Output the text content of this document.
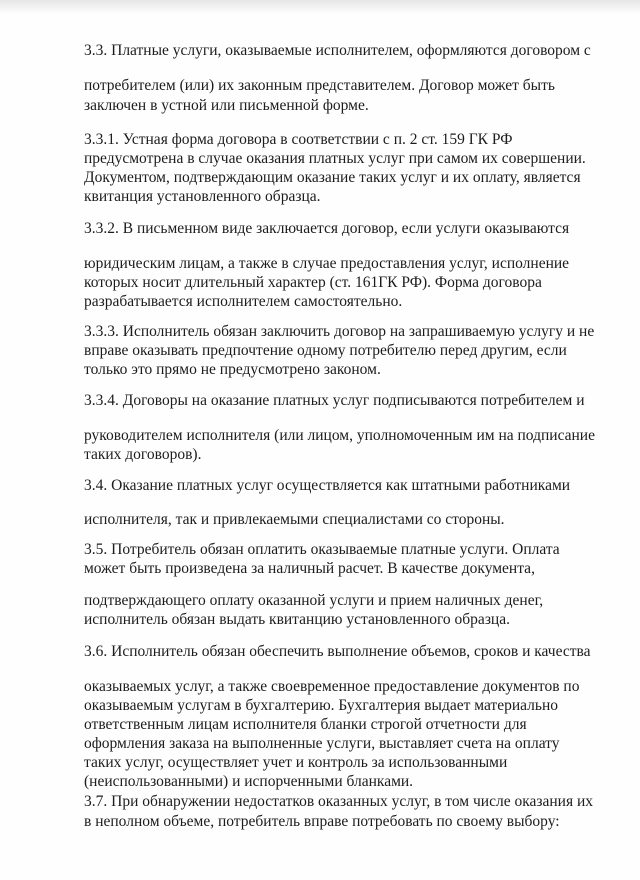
3.3. Платные услуги, оказываемые исполнителем, оформляются договором с
потребителем (или) их законным представителем. Договор может быть
заключен в устной или письменной форме.
3.3.1. Устная форма договора в соответствии с п. 2 ст. 159 ГК РФ
предусмотрена в случае оказания платных услуг при самом их совершении.
Документом, подтверждающим оказание таких услуг и их оплату, является
квитанция установленного образца.
3.3.2. В письменном виде заключается договор, если услуги оказываются
юридическим лицам, а также в случае предоставления услуг, исполнение
которых носит длительный характер (ст. 161ГК РФ). Форма договора
разрабатывается исполнителем самостоятельно.
3.3.3. Исполнитель обязан заключить договор на запрашиваемую услугу и не
вправе оказывать предпочтение одному потребителю перед другим, если
только это прямо не предусмотрено законом.
3.3.4. Договоры на оказание платных услуг подписываются потребителем и
руководителем исполнителя (или лицом, уполномоченным им на подписание
таких договоров).
3.4. Оказание платных услуг осуществляется как штатными работниками
исполнителя, так и привлекаемыми специалистами со стороны.
3.5. Потребитель обязан оплатить оказываемые платные услуги. Оплата
может быть произведена за наличный расчет. В качестве документа,
подтверждающего оплату оказанной услуги и прием наличных денег,
исполнитель обязан выдать квитанцию установленного образца.
3.6. Исполнитель обязан обеспечить выполнение объемов, сроков и качества
оказываемых услуг, а также своевременное предоставление документов по
оказываемым услугам в бухгалтерию. Бухгалтерия выдает материально
ответственным лицам исполнителя бланки строгой отчетности для
оформления заказа на выполненные услуги, выставляет счета на оплату
таких услуг, осуществляет учет и контроль за использованными
(неиспользованными) и испорченными бланками.
3.7. При обнаружении недостатков оказанных услуг, в том числе оказания их
в неполном объеме, потребитель вправе потребовать по своему выбору:
